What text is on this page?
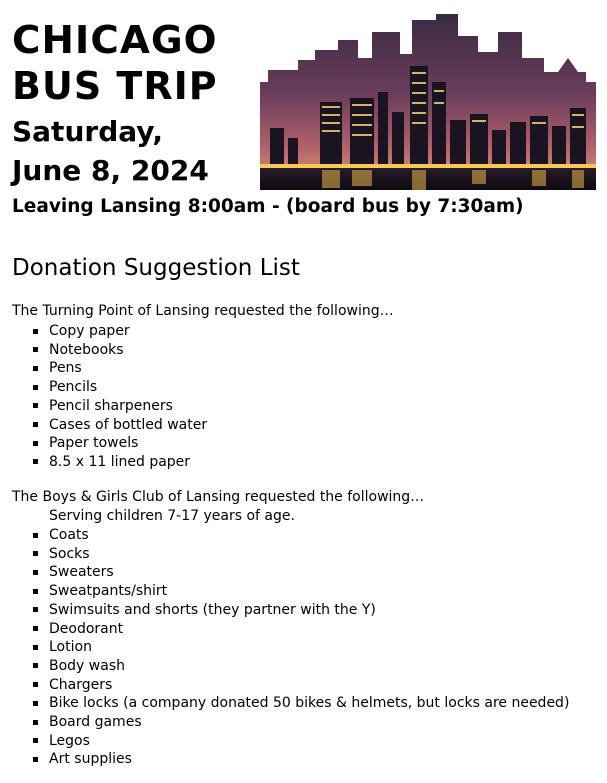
CHICAGO
BUS TRIP
Saturday,
June 8, 2024
Leaving Lansing 8:00am - (board bus by 7:30am)
Donation Suggestion List
The Turning Point of Lansing requested the following…
Copy paper
Notebooks
Pens
Pencils
Pencil sharpeners
Cases of bottled water
Paper towels
8.5 x 11 lined paper
The Boys & Girls Club of Lansing requested the following…
Serving children 7-17 years of age.
Coats
Socks
Sweaters
Sweatpants/shirt
Swimsuits and shorts (they partner with the Y)
Deodorant
Lotion
Body wash
Chargers
Bike locks (a company donated 50 bikes & helmets, but locks are needed)
Board games
Legos
Art supplies
